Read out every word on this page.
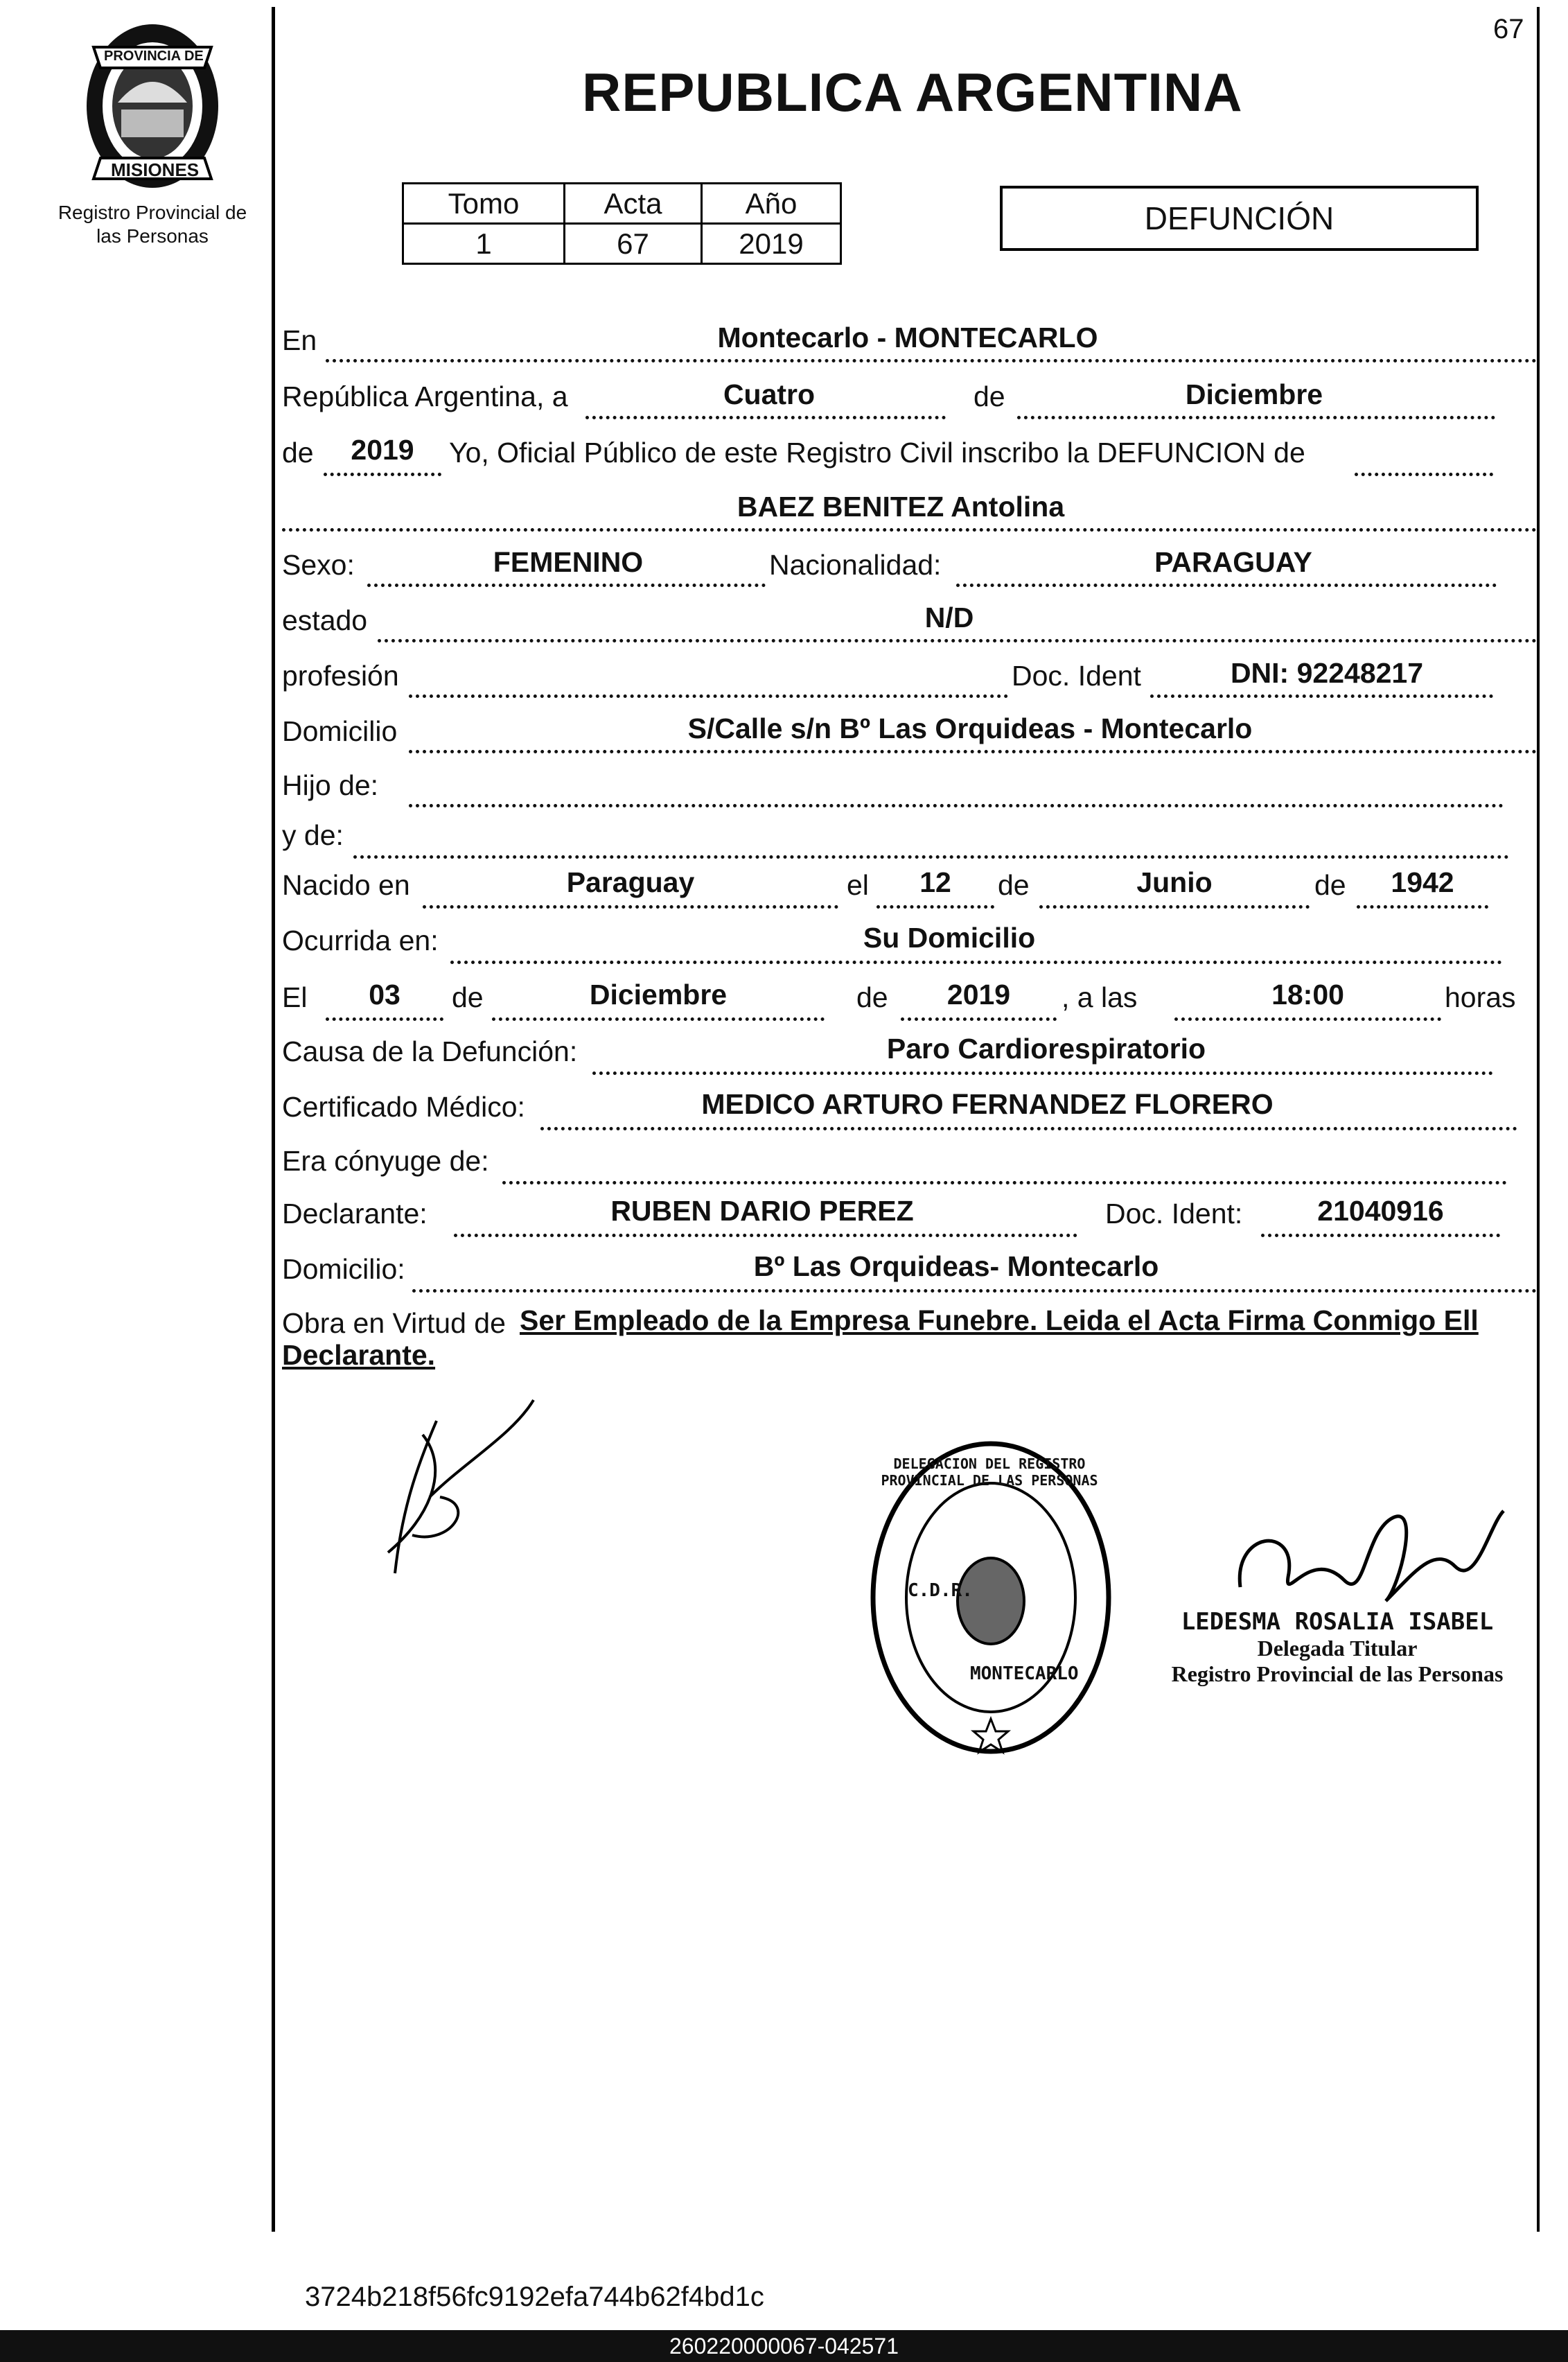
67
PROVINCIA DE
MISIONES
Registro Provincial de
las Personas
REPUBLICA ARGENTINA
Tomo	Acta	Año
1	67	2019
DEFUNCIÓN
En	Montecarlo - MONTECARLO
República Argentina, a	Cuatro	de	Diciembre
de	2019	Yo, Oficial Público de este Registro Civil inscribo la DEFUNCION de
BAEZ BENITEZ Antolina
Sexo:	FEMENINO	Nacionalidad:	PARAGUAY
estado	N/D
profesión	Doc. Ident	DNI: 92248217
Domicilio	S/Calle s/n Bº Las Orquideas - Montecarlo
Hijo de:
y de:
Nacido en	Paraguay	el	12	de	Junio	de	1942
Ocurrida en:	Su Domicilio
El	03	de	Diciembre	de	2019	, a las	18:00	horas
Causa de la Defunción:	Paro Cardiorespiratorio
Certificado Médico:	MEDICO ARTURO FERNANDEZ FLORERO
Era cónyuge de:
Declarante:	RUBEN DARIO PEREZ	Doc. Ident:	21040916
Domicilio:	Bº Las Orquideas- Montecarlo
Obra en Virtud de Ser Empleado de la Empresa Funebre. Leida el Acta Firma Conmigo Ell
Declarante.
DELEGACION DEL REGISTRO PROVINCIAL DE LAS PERSONAS
C.D.R.
MONTECARLO
LEDESMA ROSALIA ISABEL
Delegada Titular
Registro Provincial de las Personas
3724b218f56fc9192efa744b62f4bd1c
260220000067-042571
